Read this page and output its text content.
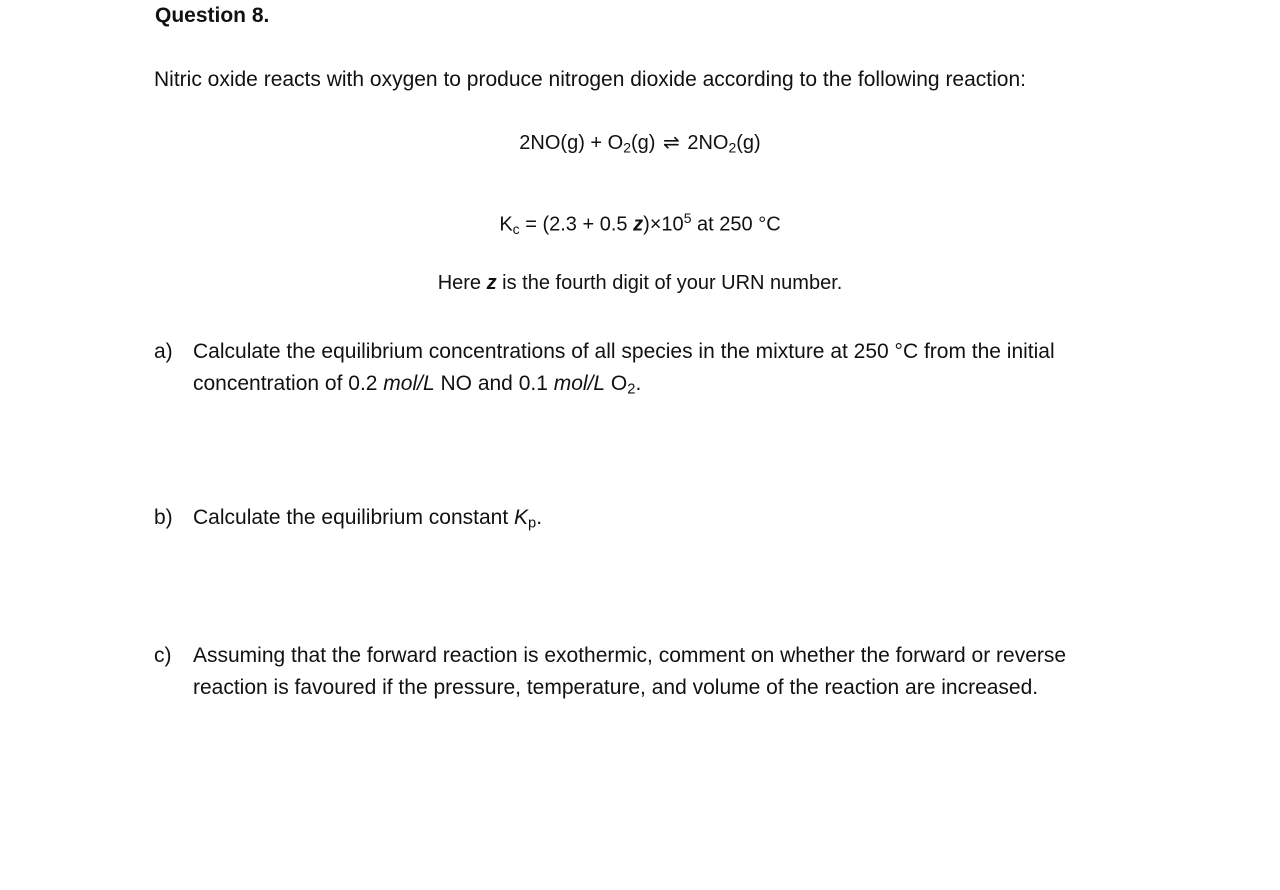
Question 8.
Nitric oxide reacts with oxygen to produce nitrogen dioxide according to the following reaction:
$2NO(g) + O_2(g)$ ⇌ $2NO_2(g)$
$K_c = (2.3 + 0.5$ $z)\times 10^5$ at 250 °C
Here z is the fourth digit of your URN number.
a) Calculate the equilibrium concentrations of all species in the mixture at 250 °C from the initial concentration of 0.2 mol/L NO and 0.1 mol/L $O_2$.
b) Calculate the equilibrium constant $K_p$.
c) Assuming that the forward reaction is exothermic, comment on whether the forward or reverse reaction is favoured if the pressure, temperature, and volume of the reaction are increased.
